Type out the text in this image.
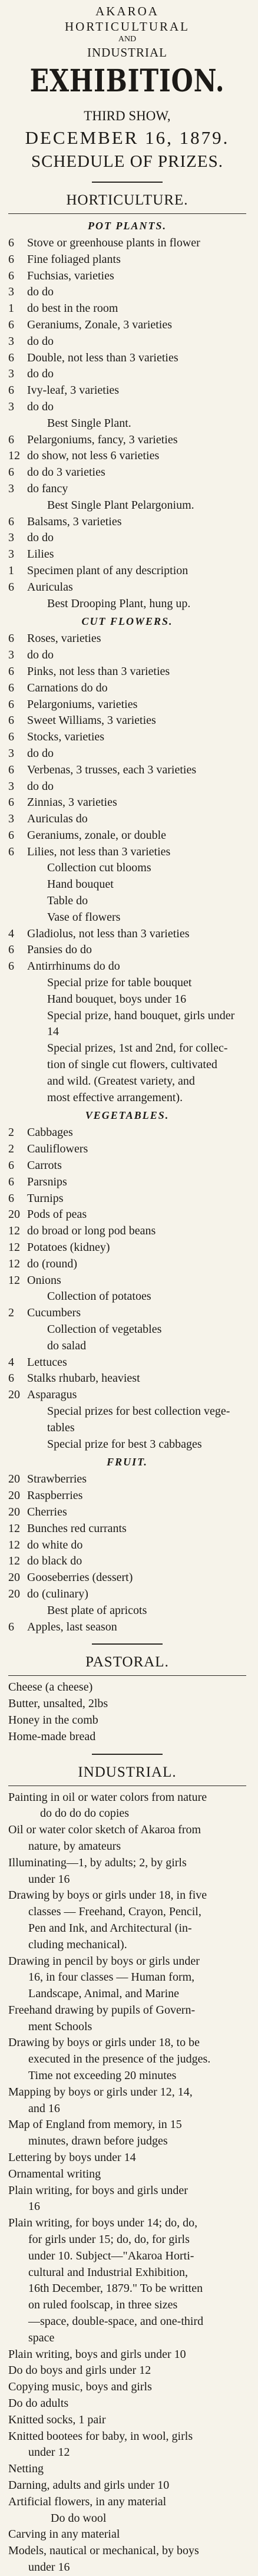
AKAROA
HORTICULTURAL
AND
INDUSTRIAL
EXHIBITION.
THIRD SHOW,
DECEMBER 16, 1879.
SCHEDULE OF PRIZES.
HORTICULTURE.
POT PLANTS.
6	Stove or greenhouse plants in flower
6	Fine foliaged plants
6	Fuchsias, varieties
3	do do
1	do best in the room
6	Geraniums, Zonale, 3 varieties
3	do do
6	Double, not less than 3 varieties
3	do do
6	Ivy-leaf, 3 varieties
3	do do
Best Single Plant.
6	Pelargoniums, fancy, 3 varieties
12 do show, not less 6 varieties
6	do do 3 varieties
3	do fancy
Best Single Plant Pelargonium.
6	Balsams, 3 varieties
3	do do
3	Lilies
1	Specimen plant of any description
6	Auriculas
Best Drooping Plant, hung up.
CUT FLOWERS.
6	Roses, varieties
3	do do
6	Pinks, not less than 3 varieties
6	Carnations do do
6	Pelargoniums, varieties
6	Sweet Williams, 3 varieties
6	Stocks, varieties
3	do do
6	Verbenas, 3 trusses, each 3 varieties
3	do do
6	Zinnias, 3 varieties
3	Auriculas do
6	Geraniums, zonale, or double
6	Lilies, not less than 3 varieties
Collection cut blooms
Hand bouquet
Table do
Vase of flowers
4	Gladiolus, not less than 3 varieties
6	Pansies do do
6	Antirrhinums do do
Special prize for table bouquet
Hand bouquet, boys under 16
Special prize, hand bouquet, girls under
14
Special prizes, 1st and 2nd, for collec-
tion of single cut flowers, cultivated
and wild. (Greatest variety, and
most effective arrangement).
VEGETABLES.
2	Cabbages
2	Cauliflowers
6	Carrots
6	Parsnips
6	Turnips
20 Pods of peas
12 do broad or long pod beans
12 Potatoes (kidney)
12 do (round)
12 Onions
Collection of potatoes
2	Cucumbers
Collection of vegetables
do salad
4	Lettuces
6	Stalks rhubarb, heaviest
20 Asparagus
Special prizes for best collection vege-
tables
Special prize for best 3 cabbages
FRUIT.
20 Strawberries
20 Raspberries
20 Cherries
12 Bunches red currants
12 do white do
12 do black do
20 Gooseberries (dessert)
20 do (culinary)
Best plate of apricots
6	Apples, last season
PASTORAL.
Cheese (a cheese)
Butter, unsalted, 2lbs
Honey in the comb
Home-made bread
INDUSTRIAL.
Painting in oil or water colors from nature
do do do do copies
Oil or water color sketch of Akaroa from
nature, by amateurs
Illuminating—1, by adults; 2, by girls
under 16
Drawing by boys or girls under 18, in five
classes — Freehand, Crayon, Pencil,
Pen and Ink, and Architectural (in-
cluding mechanical).
Drawing in pencil by boys or girls under
16, in four classes — Human form,
Landscape, Animal, and Marine
Freehand drawing by pupils of Govern-
ment Schools
Drawing by boys or girls under 18, to be
executed in the presence of the judges.
Time not exceeding 20 minutes
Mapping by boys or girls under 12, 14,
and 16
Map of England from memory, in 15
minutes, drawn before judges
Lettering by boys under 14
Ornamental writing
Plain writing, for boys and girls under
16
Plain writing, for boys under 14; do, do,
for girls under 15; do, do, for girls
under 10. Subject—"Akaroa Horti-
cultural and Industrial Exhibition,
16th December, 1879." To be written
on ruled foolscap, in three sizes
—space, double-space, and one-third
space
Plain writing, boys and girls under 10
Do do boys and girls under 12
Copying music, boys and girls
Do do adults
Knitted socks, 1 pair
Knitted bootees for baby, in wool, girls
under 12
Netting
Darning, adults and girls under 10
Artificial flowers, in any material
Do do wool
Carving in any material
Models, nautical or mechanical, by boys
under 16
